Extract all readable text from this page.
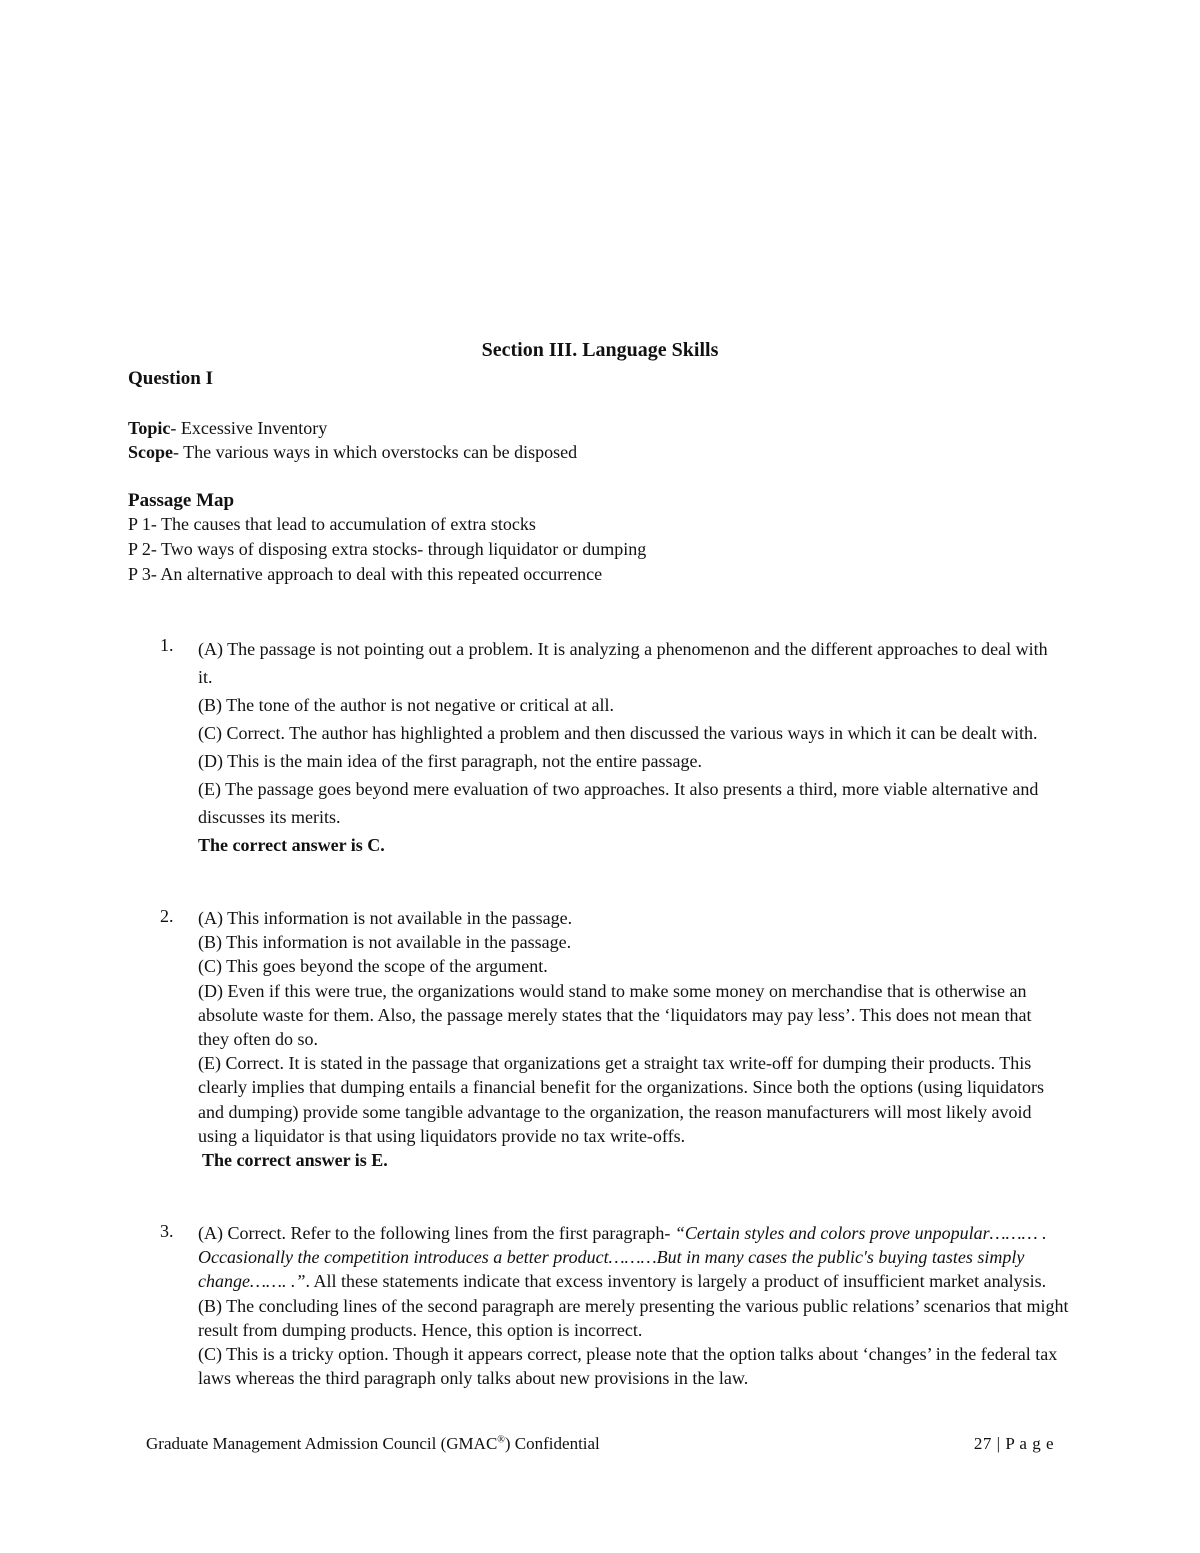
Section III. Language Skills
Question I
Topic- Excessive Inventory
Scope- The various ways in which overstocks can be disposed
Passage Map
P 1- The causes that lead to accumulation of extra stocks
P 2- Two ways of disposing extra stocks- through liquidator or dumping
P 3- An alternative approach to deal with this repeated occurrence
1. (A) The passage is not pointing out a problem. It is analyzing a phenomenon and the different approaches to deal with it.

(B) The tone of the author is not negative or critical at all.

(C) Correct. The author has highlighted a problem and then discussed the various ways in which it can be dealt with.

(D) This is the main idea of the first paragraph, not the entire passage.

(E) The passage goes beyond mere evaluation of two approaches. It also presents a third, more viable alternative and discusses its merits.

The correct answer is C.

2. (A) This information is not available in the passage.

(B) This information is not available in the passage.

(C) This goes beyond the scope of the argument.

(D) Even if this were true, the organizations would stand to make some money on merchandise that is otherwise an absolute waste for them. Also, the passage merely states that the ‘liquidators may pay less’. This does not mean that they often do so.

(E) Correct. It is stated in the passage that organizations get a straight tax write-off for dumping their products. This clearly implies that dumping entails a financial benefit for the organizations. Since both the options (using liquidators and dumping) provide some tangible advantage to the organization, the reason manufacturers will most likely avoid using a liquidator is that using liquidators provide no tax write-offs.

The correct answer is E.

3. (A) Correct. Refer to the following lines from the first paragraph- “Certain styles and colors prove unpopular……… . Occasionally the competition introduces a better product………But in many cases the public's buying tastes simply change……. .”. All these statements indicate that excess inventory is largely a product of insufficient market analysis.

(B) The concluding lines of the second paragraph are merely presenting the various public relations’ scenarios that might result from dumping products. Hence, this option is incorrect.

(C) This is a tricky option. Though it appears correct, please note that the option talks about ‘changes’ in the federal tax laws whereas the third paragraph only talks about new provisions in the law.

Graduate Management Admission Council (GMAC®) Confidential	27 | P a g e
